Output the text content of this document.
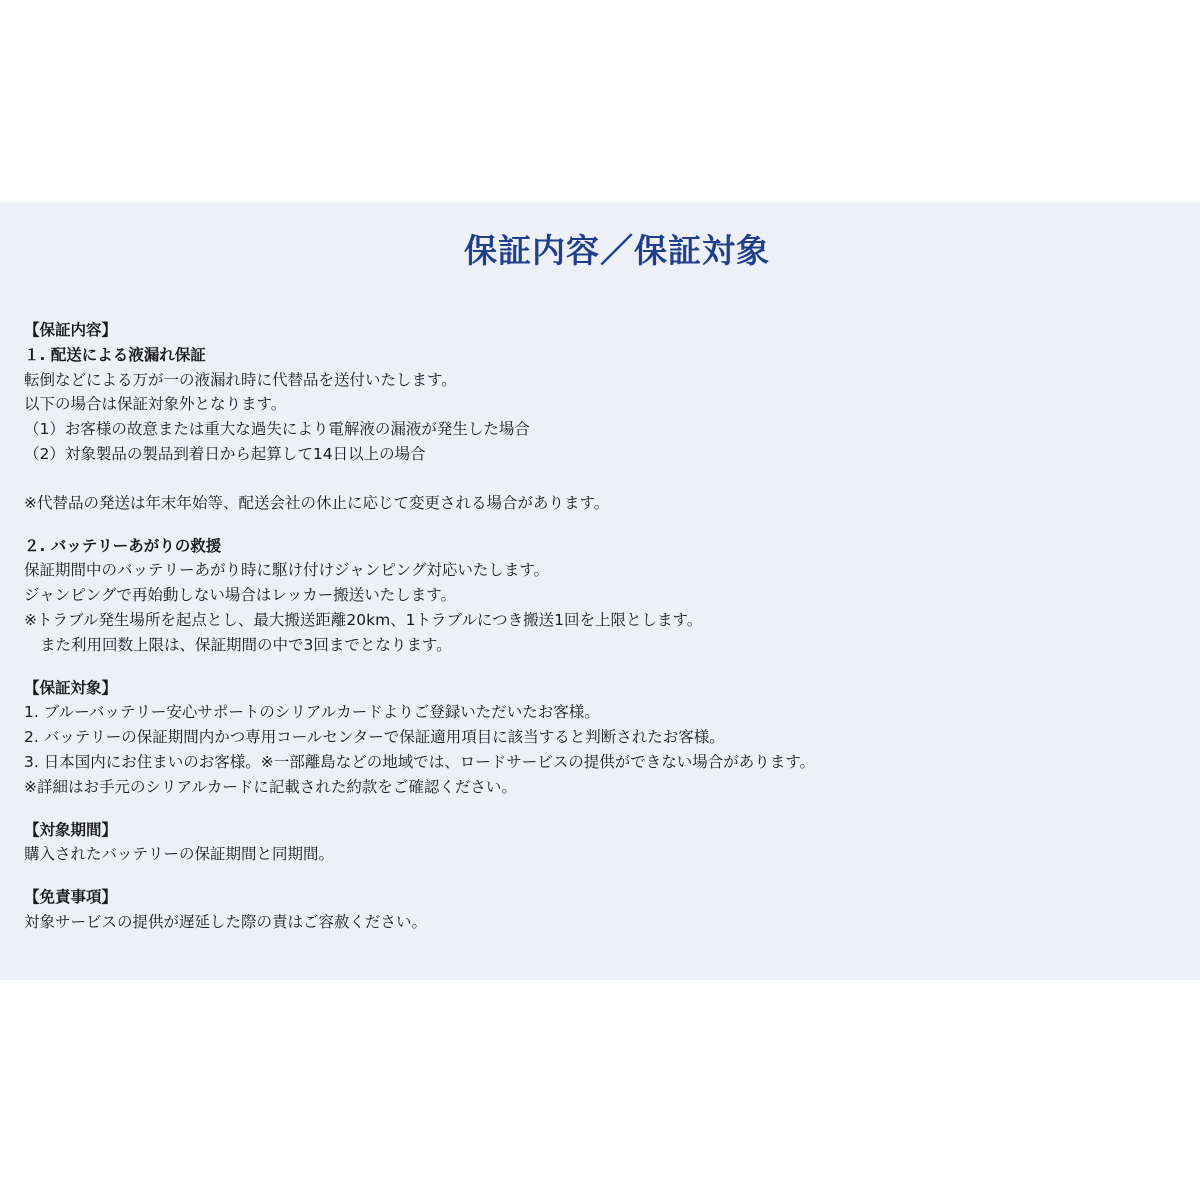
保証内容／保証対象
【保証内容】
１. 配送による液漏れ保証
転倒などによる万が一の液漏れ時に代替品を送付いたします。
以下の場合は保証対象外となります。
（1）お客様の故意または重大な過失により電解液の漏液が発生した場合
（2）対象製品の製品到着日から起算して14日以上の場合
※代替品の発送は年末年始等、配送会社の休止に応じて変更される場合があります。
２. バッテリーあがりの救援
保証期間中のバッテリーあがり時に駆け付けジャンピング対応いたします。
ジャンピングで再始動しない場合はレッカー搬送いたします。
※トラブル発生場所を起点とし、最大搬送距離20km、1トラブルにつき搬送1回を上限とします。
また利用回数上限は、保証期間の中で3回までとなります。
【保証対象】
1. ブルーバッテリー安心サポートのシリアルカードよりご登録いただいたお客様。
2. バッテリーの保証期間内かつ専用コールセンターで保証適用項目に該当すると判断されたお客様。
3. 日本国内にお住まいのお客様。※一部離島などの地域では、ロードサービスの提供ができない場合があります。
※詳細はお手元のシリアルカードに記載された約款をご確認ください。
【対象期間】
購入されたバッテリーの保証期間と同期間。
【免責事項】
対象サービスの提供が遅延した際の責はご容赦ください。
